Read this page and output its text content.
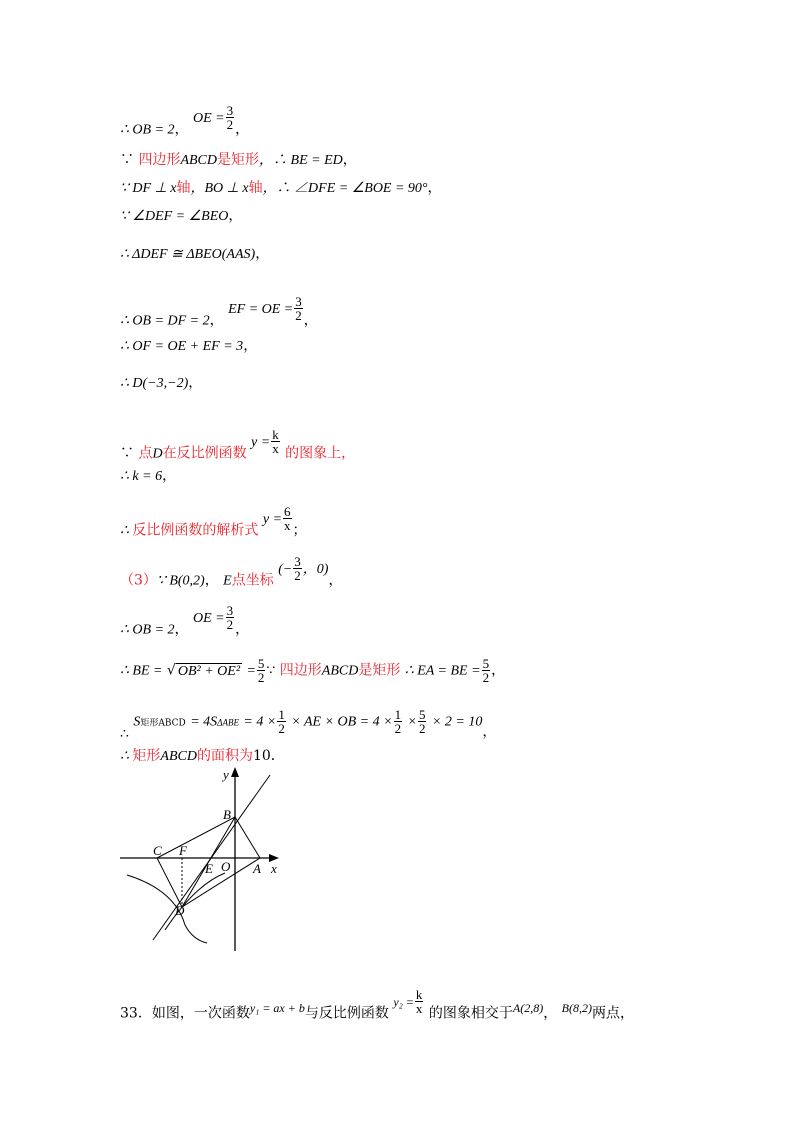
∴ OB = 2， OE = $\frac{3}{2}$ ，
∵ 四边形ABCD是矩形，∴ BE = ED，
∵ DF ⊥ x轴，BO ⊥ x轴，∴ ∠DFE = ∠BOE = 90°，
∵ ∠DEF = ∠BEO，
∴ ΔDEF ≅ ΔBEO(AAS)，
∴ OB = DF = 2， EF = OE = $\frac{3}{2}$ ，
∴ OF = OE + EF = 3，
∴ D(−3,−2)，
∵ 点D在反比例函数 $y = \frac{k}{x}$ 的图象上，
∴ k = 6，
∴ 反比例函数的解析式 $y = \frac{6}{x}$ ；
（3）∵ B(0,2)， E点坐标 (− $\frac{3}{2}$ ，0)，
∴ OB = 2， OE = $\frac{3}{2}$ ，
∴ BE = √ $OB^2 + OE^2 = \frac{5}{2}$ ∵ 四边形ABCD是矩形 ∴ EA = BE = $\frac{5}{2}$ ，
∴ S矩形ABCD = $4S\Delta ABE = 4 \times \frac{1}{2}$ × AE × OB = $4 \times \frac{1}{2} \times \frac{5}{2} \times 2 = 10$，
∴ 矩形ABCD的面积为10．
y
x
B
C F
E O A
D
33．如图，一次函数y₁ = ax + b与反比例函数 $y_2 = \frac{k}{x}$ 的图象相交于A(2,8)， B(8,2)两点，
